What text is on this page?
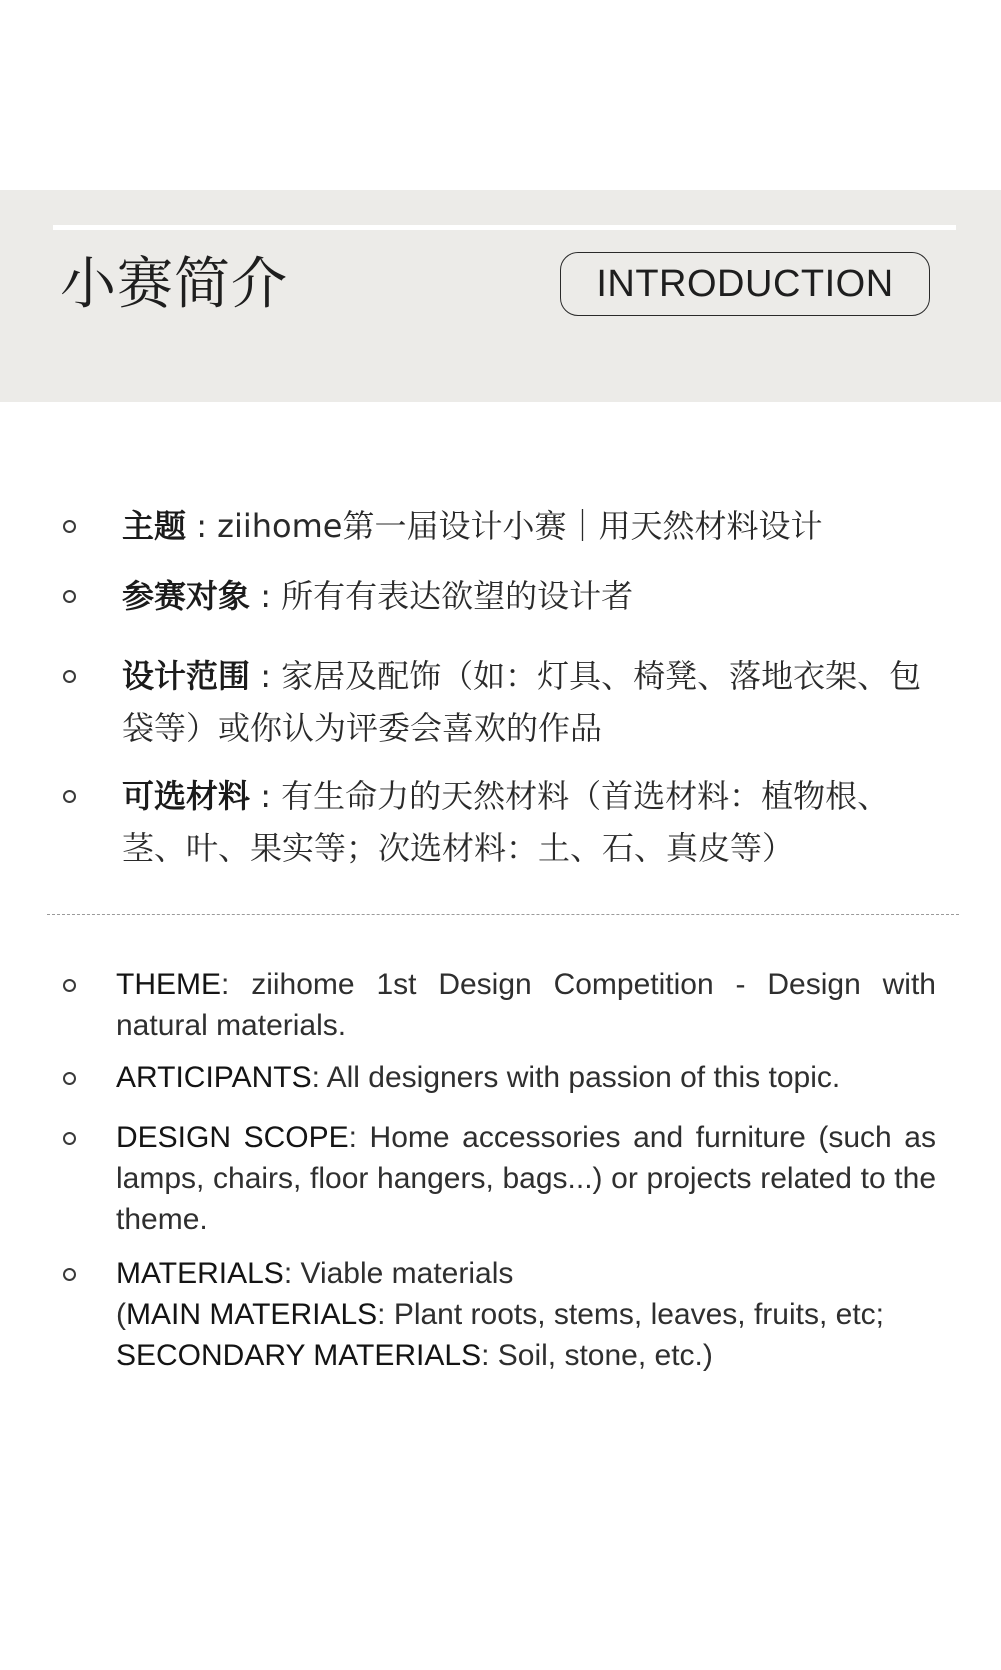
小赛简介	INTRODUCTION
主题 : ziihome第一届设计小赛｜用天然材料设计
参赛对象 : 所有有表达欲望的设计者
设计范围 : 家居及配饰（如：灯具、椅凳、落地衣架、包袋等）或你认为评委会喜欢的作品
可选材料 : 有生命力的天然材料（首选材料：植物根、茎、叶、果实等；次选材料：土、石、真皮等）
THEME: ziihome 1st Design Competition - Design with natural materials.
ARTICIPANTS: All designers with passion of this topic.
DESIGN SCOPE: Home accessories and furniture (such as lamps, chairs, floor hangers, bags...) or projects related to the theme.
MATERIALS: Viable materials
(MAIN MATERIALS: Plant roots, stems, leaves, fruits, etc;
SECONDARY MATERIALS: Soil, stone, etc.)
